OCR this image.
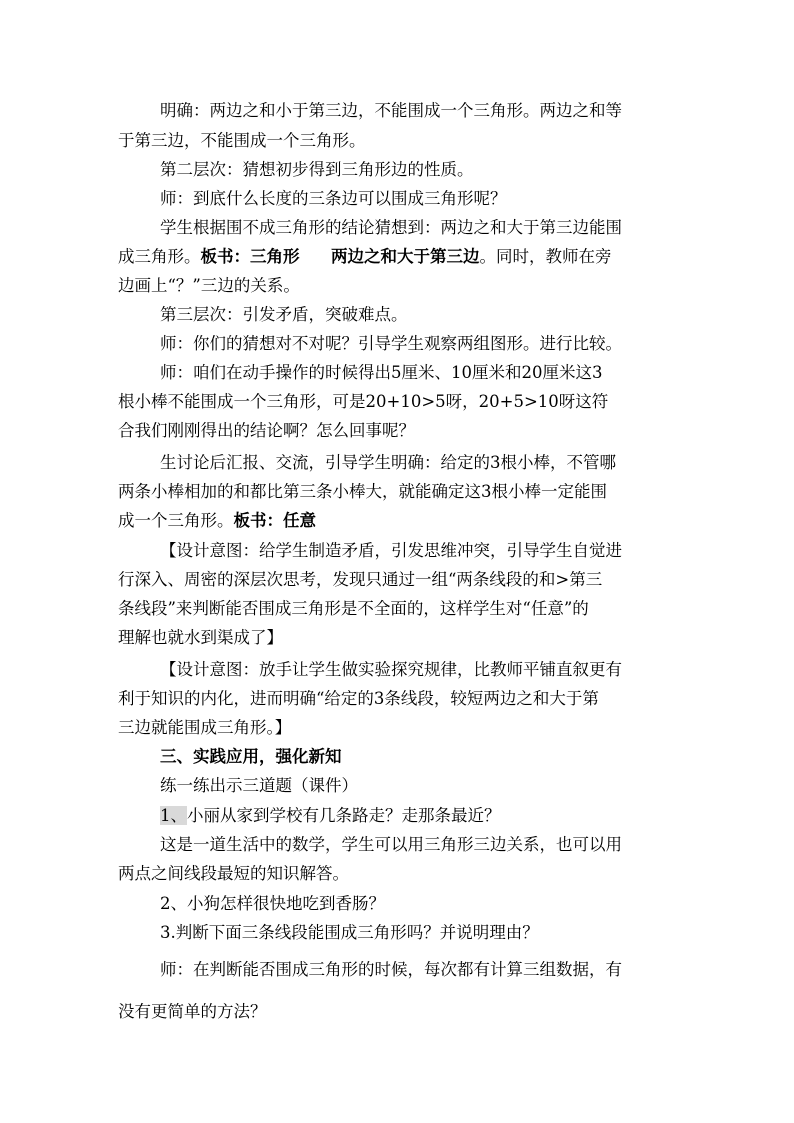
明确：两边之和小于第三边，不能围成一个三角形。两边之和等

于第三边，不能围成一个三角形。

第二层次：猜想初步得到三角形边的性质。

师：到底什么长度的三条边可以围成三角形呢？

学生根据围不成三角形的结论猜想到：两边之和大于第三边能围

成三角形。板书：三角形 两边之和大于第三边。同时，教师在旁

边画上“？”三边的关系。

第三层次：引发矛盾，突破难点。

师：你们的猜想对不对呢？引导学生观察两组图形。进行比较。

师：咱们在动手操作的时候得出5厘米、10厘米和20厘米这3

根小棒不能围成一个三角形，可是20+10>5呀，20+5>10呀这符

合我们刚刚得出的结论啊？怎么回事呢？

生讨论后汇报、交流，引导学生明确：给定的3根小棒，不管哪

两条小棒相加的和都比第三条小棒大，就能确定这3根小棒一定能围

成一个三角形。板书：任意

【设计意图：给学生制造矛盾，引发思维冲突，引导学生自觉进

行深入、周密的深层次思考，发现只通过一组“两条线段的和>第三

条线段”来判断能否围成三角形是不全面的，这样学生对“任意”的

理解也就水到渠成了】

【设计意图：放手让学生做实验探究规律，比教师平铺直叙更有

利于知识的内化，进而明确“给定的3条线段，较短两边之和大于第

三边就能围成三角形。】

三、实践应用，强化新知

练一练出示三道题（课件）

1、小丽从家到学校有几条路走？走那条最近？

这是一道生活中的数学，学生可以用三角形三边关系，也可以用

两点之间线段最短的知识解答。

2、小狗怎样很快地吃到香肠？

3.判断下面三条线段能围成三角形吗？并说明理由？

师：在判断能否围成三角形的时候，每次都有计算三组数据，有

没有更简单的方法？
